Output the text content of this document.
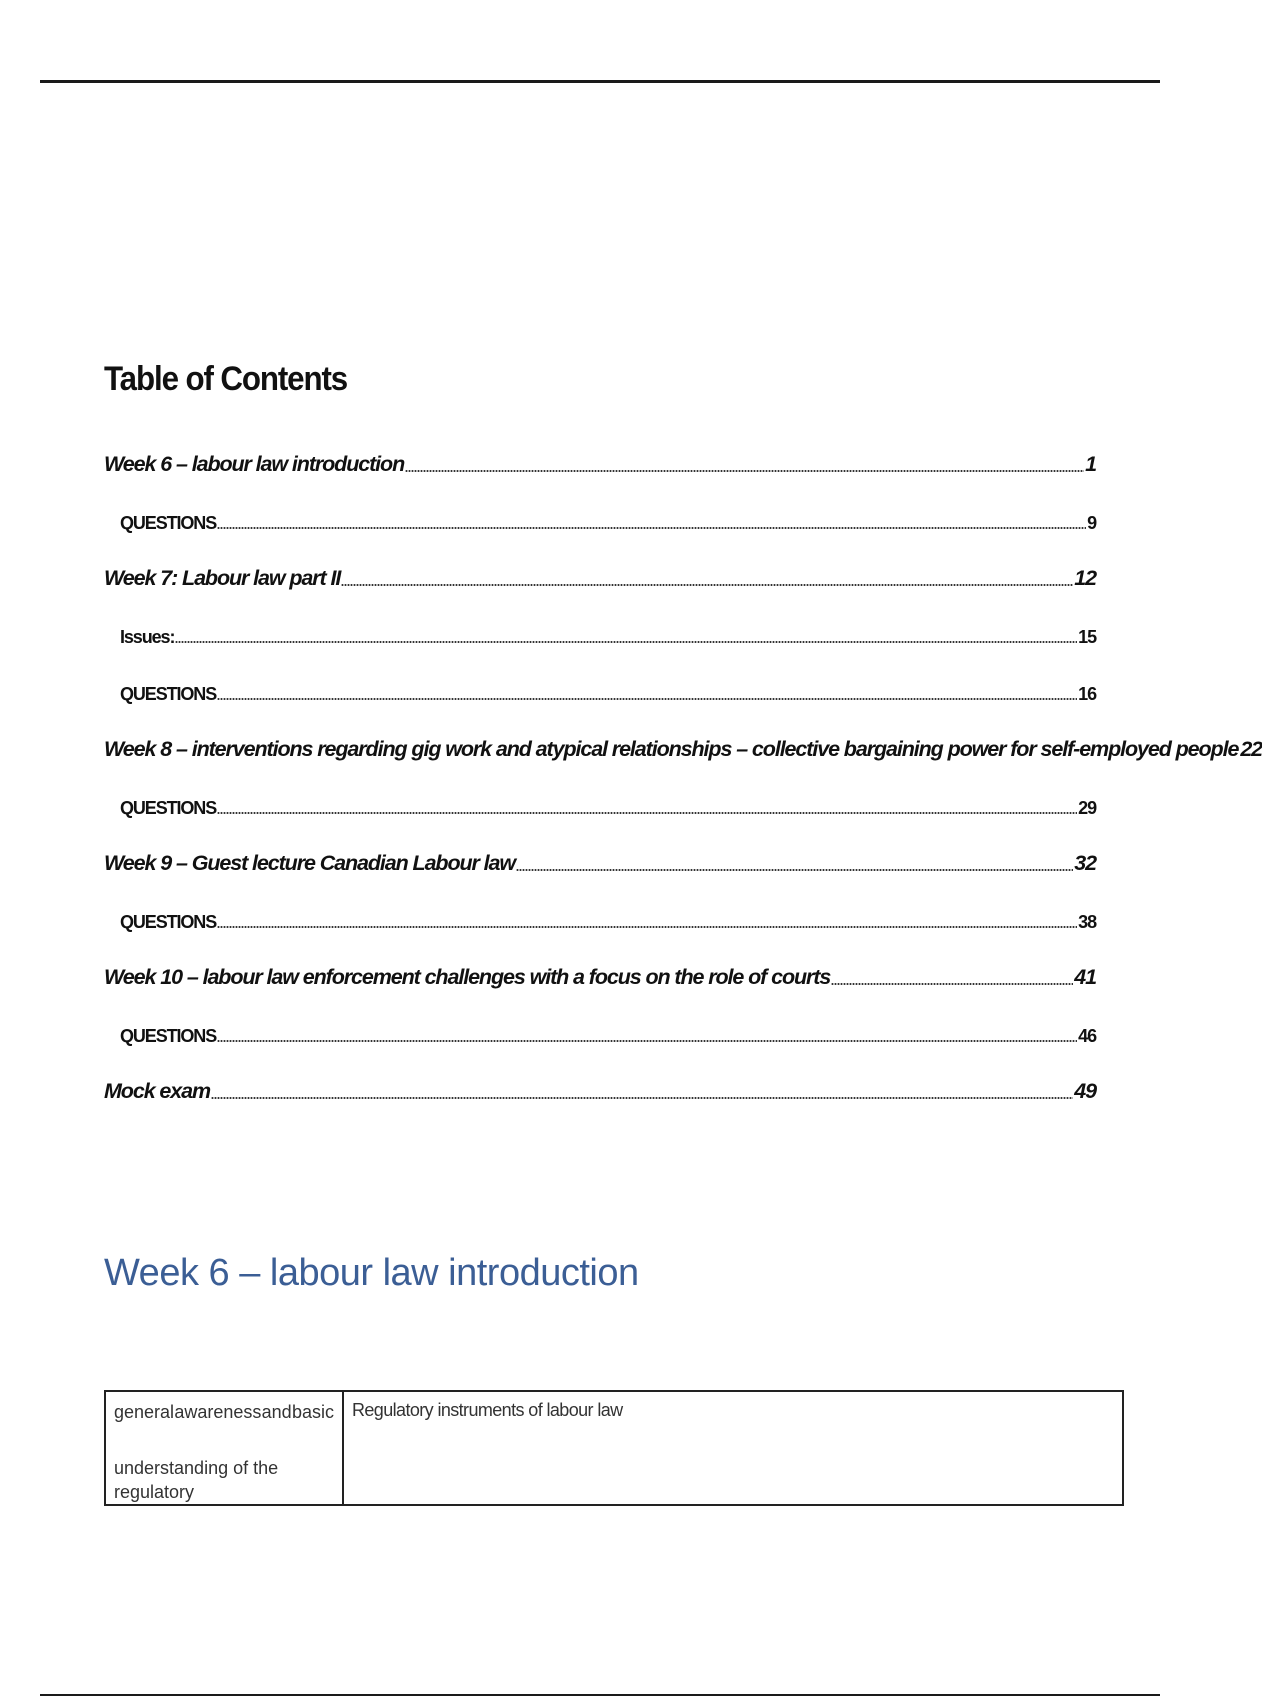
Table of Contents
Week 6 – labour law introduction	1
QUESTIONS	9
Week 7: Labour law part II	12
Issues:	15
QUESTIONS	16
Week 8 – interventions regarding gig work and atypical relationships – collective bargaining power for self-employed people 22
QUESTIONS	29
Week 9 – Guest lecture Canadian Labour law	32
QUESTIONS	38
Week 10 – labour law enforcement challenges with a focus on the role of courts	41
QUESTIONS	46
Mock exam	49
Week 6 – labour law introduction
general awareness and basic
understanding of the regulatory
	Regulatory instruments of labour law
